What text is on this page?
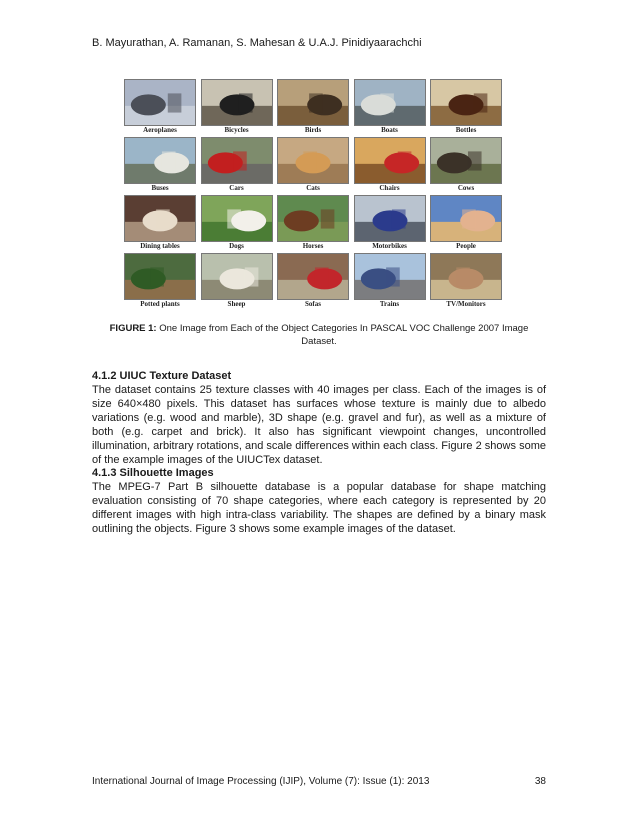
B. Mayurathan, A. Ramanan, S. Mahesan & U.A.J. Pinidiyaarachchi
Aeroplanes	Bicycles	Birds	Boats	Bottles
Buses	Cars	Cats	Chairs	Cows
Dining tables	Dogs	Horses	Motorbikes	People
Potted plants	Sheep	Sofas	Trains	TV/Monitors
FIGURE 1: One Image from Each of the Object Categories In PASCAL VOC Challenge 2007 Image Dataset.
4.1.2 UIUC Texture Dataset

The dataset contains 25 texture classes with 40 images per class. Each of the images is of size 640×480 pixels. This dataset has surfaces whose texture is mainly due to albedo variations (e.g. wood and marble), 3D shape (e.g. gravel and fur), as well as a mixture of both (e.g. carpet and brick). It also has significant viewpoint changes, uncontrolled illumination, arbitrary rotations, and scale differences within each class. Figure 2 shows some of the example images of the UIUCTex dataset.

4.1.3 Silhouette Images

The MPEG-7 Part B silhouette database is a popular database for shape matching evaluation consisting of 70 shape categories, where each category is represented by 20 different images with high intra-class variability. The shapes are defined by a binary mask outlining the objects. Figure 3 shows some example images of the dataset.

International Journal of Image Processing (IJIP), Volume (7): Issue (1): 2013	38
